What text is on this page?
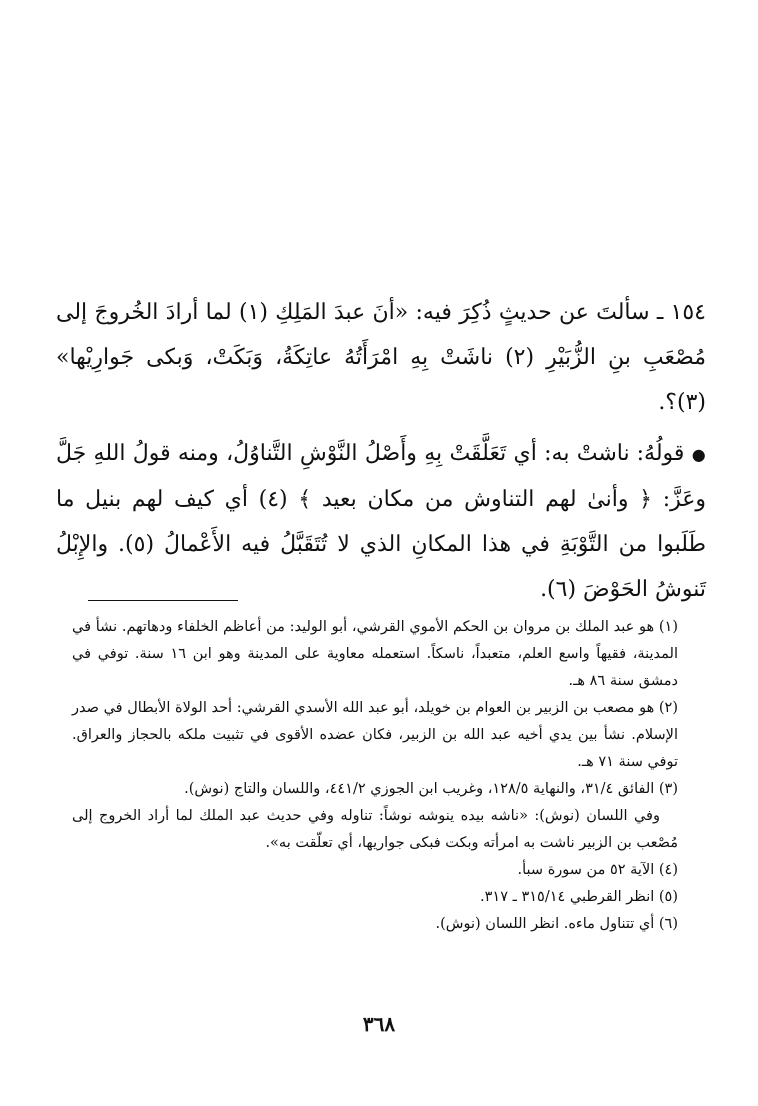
١٥٤ ـ سألتَ عن حديثٍ ذُكِرَ فيه: «أنَ عبدَ المَلِكِ (١) لما أرادَ الخُروجَ إلى مُصْعَبِ بنِ الزُّبَيْرِ (٢) ناشَتْ بِهِ امْرَأَتُهُ عاتِكَةُ، وَبَكَتْ، وَبكى جَوارِيْها» (٣)؟.

● قولُهُ: ناشتْ به: أي تَعَلَّقَتْ بِهِ وأَصْلُ النَّوْشِ التَّناوُلُ، ومنه قولُ اللهِ جَلَّ وعَزَّ: ﴿ وأنىٰ لهم التناوش من مكان بعيد ﴾ (٤) أي كيف لهم بنيل ما طَلَبوا من التَّوْبَةِ في هذا المكانِ الذي لا تُتَقَبَّلُ فيه الأَعْمالُ (٥). والإِبْلُ تَنوشُ الحَوْضَ (٦).

(١) هو عبد الملك بن مروان بن الحكم الأموي القرشي، أبو الوليد: من أعاظم الخلفاء ودهاتهم. نشأ في المدينة، فقيهاً واسع العلم، متعبداً، ناسكاً. استعمله معاوية على المدينة وهو ابن ١٦ سنة. توفي في دمشق سنة ٨٦ هـ.

(٢) هو مصعب بن الزبير بن العوام بن خويلد، أبو عبد الله الأسدي القرشي: أحد الولاة الأبطال في صدر الإسلام. نشأ بين يدي أخيه عبد الله بن الزبير، فكان عضده الأقوى في تثبيت ملكه بالحجاز والعراق. توفي سنة ٧١ هـ.

(٣) الفائق ٣١/٤، والنهاية ١٢٨/٥، وغريب ابن الجوزي ٤٤١/٢، واللسان والتاج (نوش).

وفي اللسان (نوش): «ناشه بيده ينوشه نوشاً: تناوله وفي حديث عبد الملك لما أراد الخروج إلى مُصْعب بن الزبير ناشت به امرأته وبكت فبكى جواريها، أي تعلّقت به».

(٤) الآية ٥٢ من سورة سبأ.

(٥) انظر القرطبي ٣١٥/١٤ ـ ٣١٧.

(٦) أي تتناول ماءه. انظر اللسان (نوش).

٣٦٨
